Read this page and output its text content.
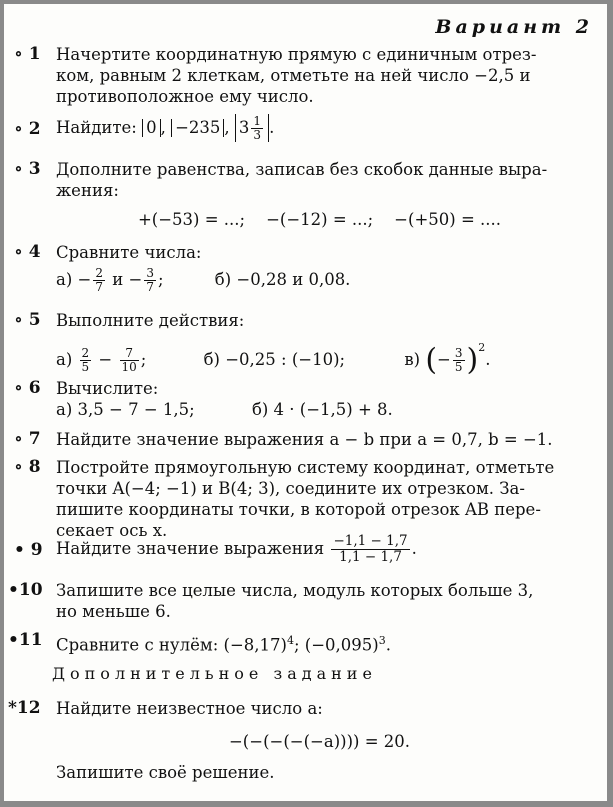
Вариант 2
∘ 1 Начертите координатную прямую с единичным отрез-
ком, равным 2 клеткам, отметьте на ней число −2,5 и
противоположное ему число.
∘ 2 Найдите: 0 , −235 , $3 \frac{1}{3}$ .
∘ 3 Дополните равенства, записав без скобок данные выра-
жения:
+(−53) = ...;    −(−12) = ...;    −(+50) = ....
∘ 4 Сравните числа:
$а) - \frac{2}{7}$ $и - \frac{3}{7}$ ;	б) −0,28 и 0,08.
∘ 5 Выполните действия:
$а) \frac{2}{5} - \frac{7}{10}$ ;	б) −0,25 : (−10);	в) (− $\frac{3}{5} )^2$.
∘ 6 Вычислите:
а) 3,5 − 7 − 1,5;	б) 4 · (−1,5) + 8.
∘ 7 Найдите значение выражения a − b при a = 0,7, b = −1.
∘ 8 Постройте прямоугольную систему координат, отметьте
точки A(−4; −1) и B(4; 3), соедините их отрезком. За-
пишите координаты точки, в которой отрезок AB пере-
секает ось x.
• 9 Найдите значение выражения $\frac{-1,1 - 1,7}{1,1 - 1,7}$ .
•10 Запишите все целые числа, модуль которых больше 3,
но меньше 6.
•11 Сравните с нулём: $(-8,17)^4$; $(-0,095)^3$.
Дополнительное задание
*12 Найдите неизвестное число a:
−(−(−(−(−a)))) = 20.
Запишите своё решение.
